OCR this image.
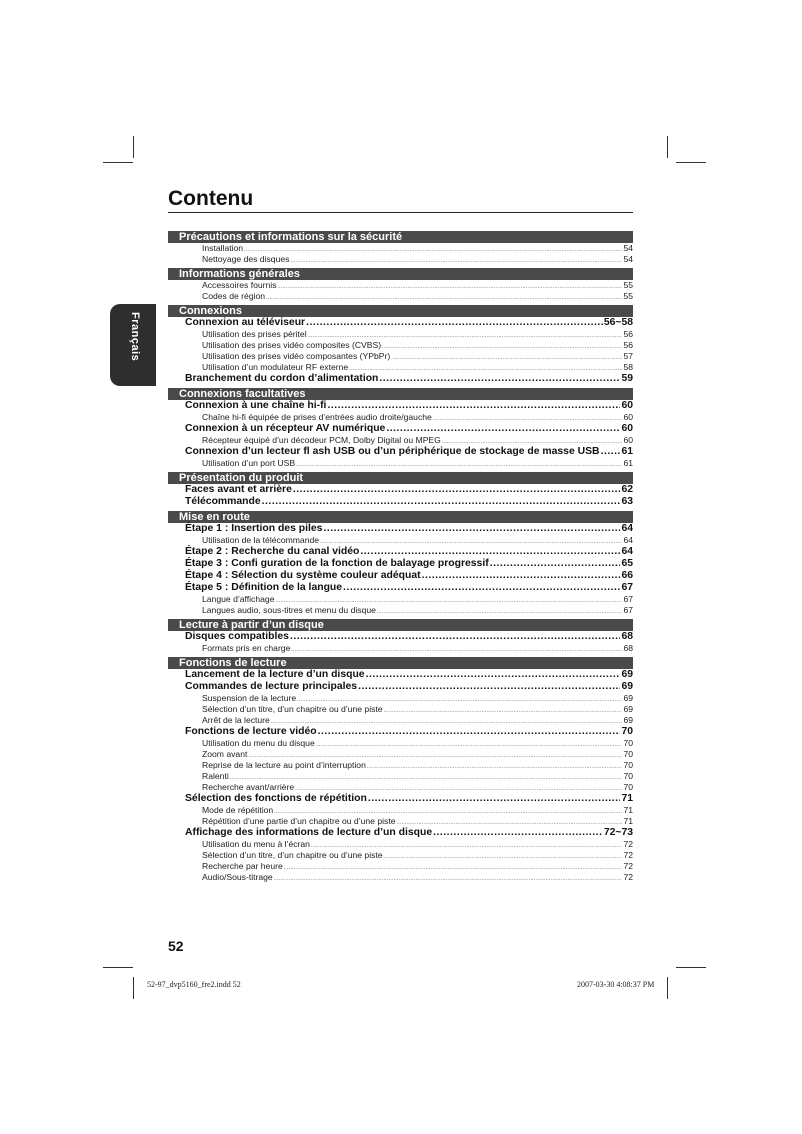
Français
Contenu
Précautions et informations sur la sécurité
Installation .....	54
Nettoyage des disques .....	54
Informations générales
Accessoires fournis .....	55
Codes de région .....	55
Connexions
Connexion au téléviseur .....	56~58
Utilisation des prises péritel .....	56
Utilisation des prises vidéo composites (CVBS) .....	56
Utilisation des prises vidéo composantes (YPbPr) .....	57
Utilisation d’un modulateur RF externe .....	58
Branchement du cordon d’alimentation .....	59
Connexions facultatives
Connexion à une chaîne hi-fi .....	60
Chaîne hi-fi équipée de prises d’entrées audio droite/gauche .....	60
Connexion à un récepteur AV numérique .....	60
Récepteur équipé d’un décodeur PCM, Dolby Digital ou MPEG .....	60
Connexion d’un lecteur fl ash USB ou d’un périphérique de stockage de masse USB ..... 61
Utilisation d’un port USB .....	61
Présentation du produit
Faces avant et arrière .....	62
Télécommande .....	63
Mise en route
Étape 1 : Insertion des piles .....	64
Utilisation de la télécommande .....	64
Étape 2 : Recherche du canal vidéo .....	64
Étape 3 : Confi guration de la fonction de balayage progressif .....	65
Étape 4 : Sélection du système couleur adéquat .....	66
Étape 5 : Définition de la langue .....	67
Langue d’affichage .....	67
Langues audio, sous-titres et menu du disque .....	67
Lecture à partir d’un disque
Disques compatibles .....	68
Formats pris en charge .....	68
Fonctions de lecture
Lancement de la lecture d’un disque .....	69
Commandes de lecture principales .....	69
Suspension de la lecture .....	69
Sélection d’un titre, d’un chapitre ou d’une piste .....	69
Arrêt de la lecture .....	69
Fonctions de lecture vidéo .....	70
Utilisation du menu du disque .....	70
Zoom avant .....	70
Reprise de la lecture au point d’interruption .....	70
Ralenti .....	70
Recherche avant/arrière .....	70
Sélection des fonctions de répétition .....	71
Mode de répétition .....	71
Répétition d’une partie d’un chapitre ou d’une piste .....	71
Affichage des informations de lecture d’un disque .....	72~73
Utilisation du menu à l’écran .....	72
Sélection d’un titre, d’un chapitre ou d’une piste .....	72
Recherche par heure .....	72
Audio/Sous-titrage .....	72
52
52-97_dvp5160_fre2.indd 52	2007-03-30 4:08:37 PM
